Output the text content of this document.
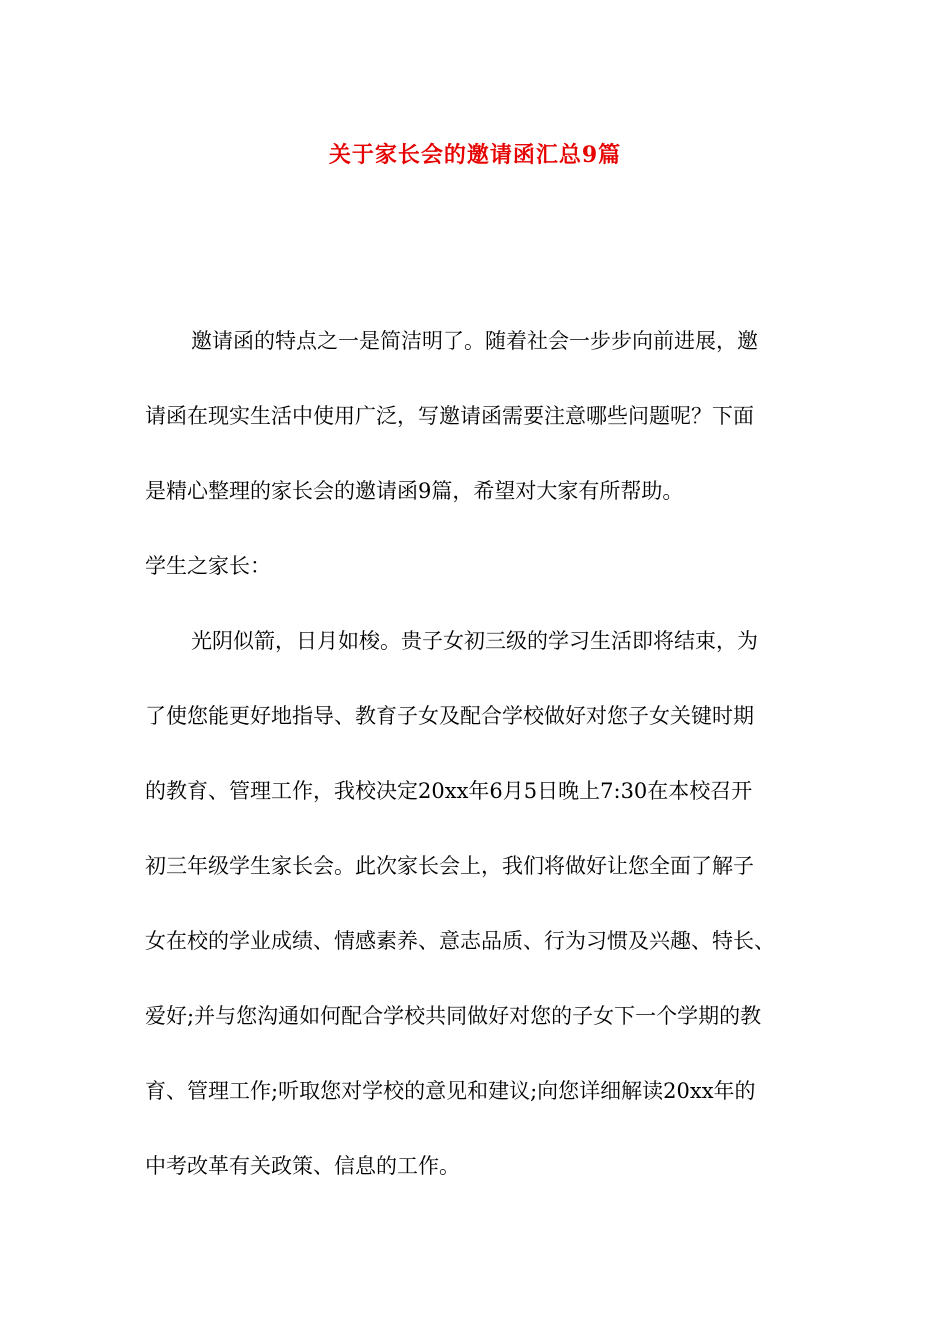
关于家长会的邀请函汇总9篇
邀请函的特点之一是简洁明了。随着社会一步步向前进展，邀
请函在现实生活中使用广泛，写邀请函需要注意哪些问题呢？下面
是精心整理的家长会的邀请函9篇，希望对大家有所帮助。
学生之家长：
光阴似箭，日月如梭。贵子女初三级的学习生活即将结束，为
了使您能更好地指导、教育子女及配合学校做好对您子女关键时期
的教育、管理工作，我校决定20xx年6月5日晚上7:30在本校召开
初三年级学生家长会。此次家长会上，我们将做好让您全面了解子
女在校的学业成绩、情感素养、意志品质、行为习惯及兴趣、特长、
爱好;并与您沟通如何配合学校共同做好对您的子女下一个学期的教
育、管理工作;听取您对学校的意见和建议;向您详细解读20xx年的
中考改革有关政策、信息的工作。
